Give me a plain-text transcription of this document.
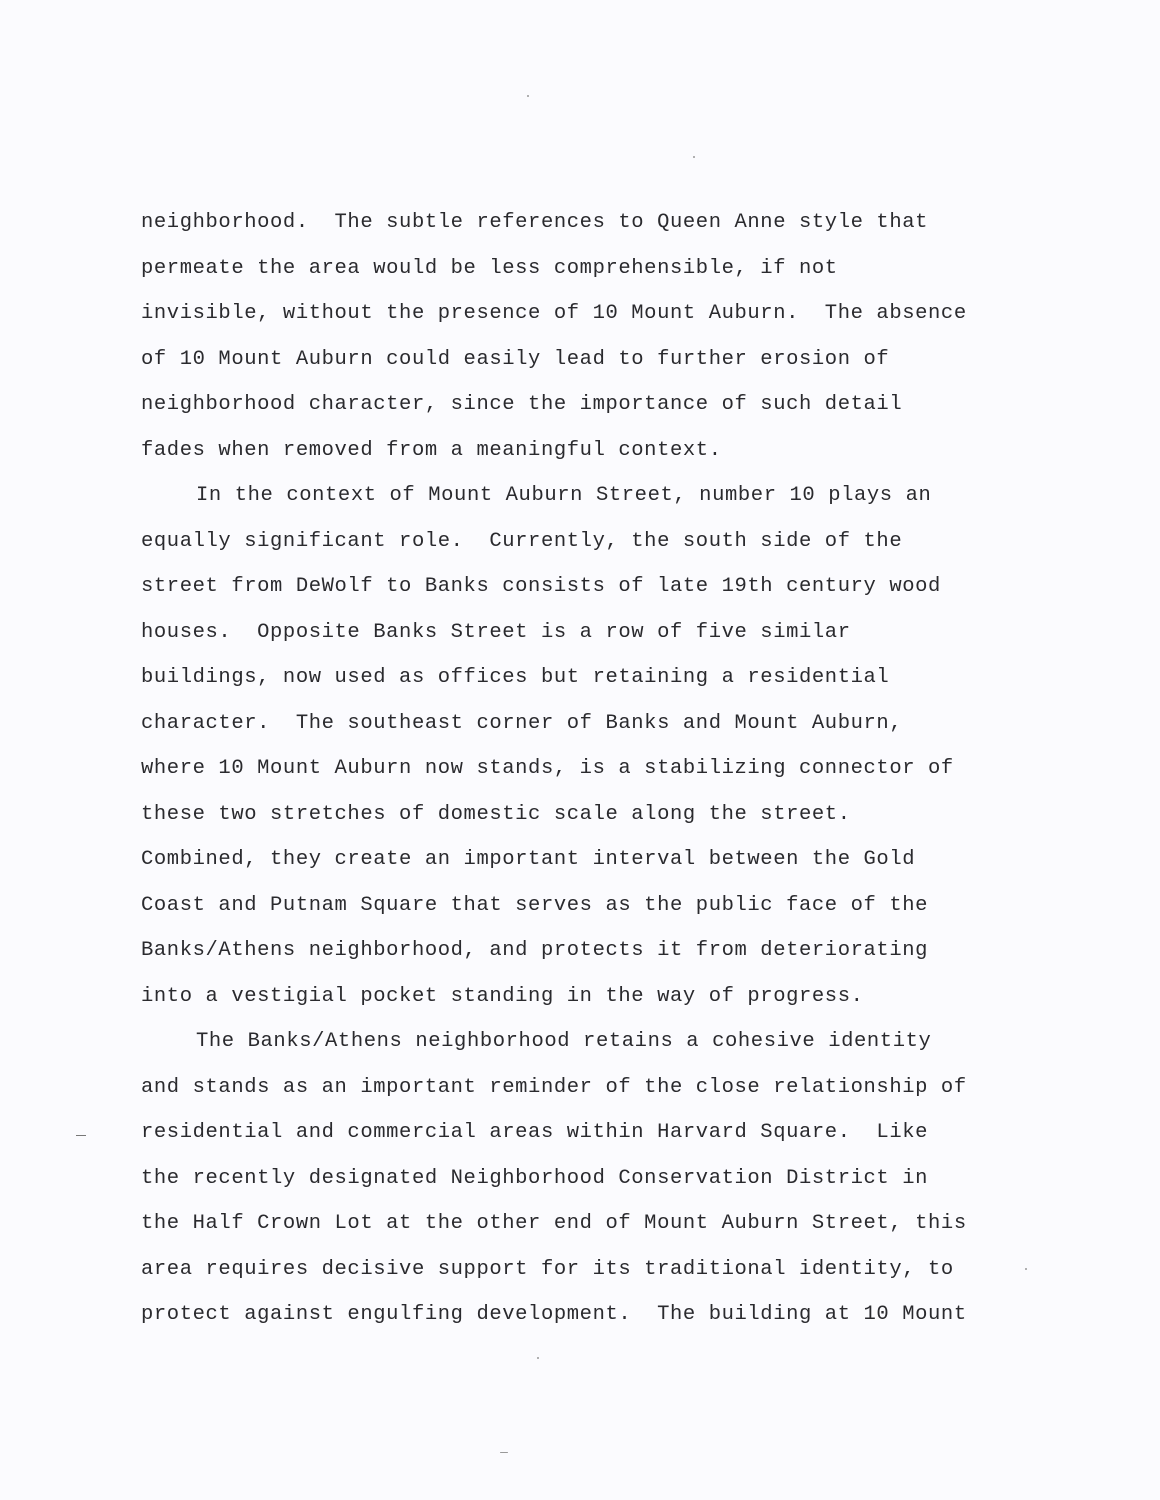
neighborhood.  The subtle references to Queen Anne style that
permeate the area would be less comprehensible, if not
invisible, without the presence of 10 Mount Auburn.  The absence
of 10 Mount Auburn could easily lead to further erosion of
neighborhood character, since the importance of such detail
fades when removed from a meaningful context.
In the context of Mount Auburn Street, number 10 plays an
equally significant role.  Currently, the south side of the
street from DeWolf to Banks consists of late 19th century wood
houses.  Opposite Banks Street is a row of five similar
buildings, now used as offices but retaining a residential
character.  The southeast corner of Banks and Mount Auburn,
where 10 Mount Auburn now stands, is a stabilizing connector of
these two stretches of domestic scale along the street.
Combined, they create an important interval between the Gold
Coast and Putnam Square that serves as the public face of the
Banks/Athens neighborhood, and protects it from deteriorating
into a vestigial pocket standing in the way of progress.
The Banks/Athens neighborhood retains a cohesive identity
and stands as an important reminder of the close relationship of
residential and commercial areas within Harvard Square.  Like
the recently designated Neighborhood Conservation District in
the Half Crown Lot at the other end of Mount Auburn Street, this
area requires decisive support for its traditional identity, to
protect against engulfing development.  The building at 10 Mount
